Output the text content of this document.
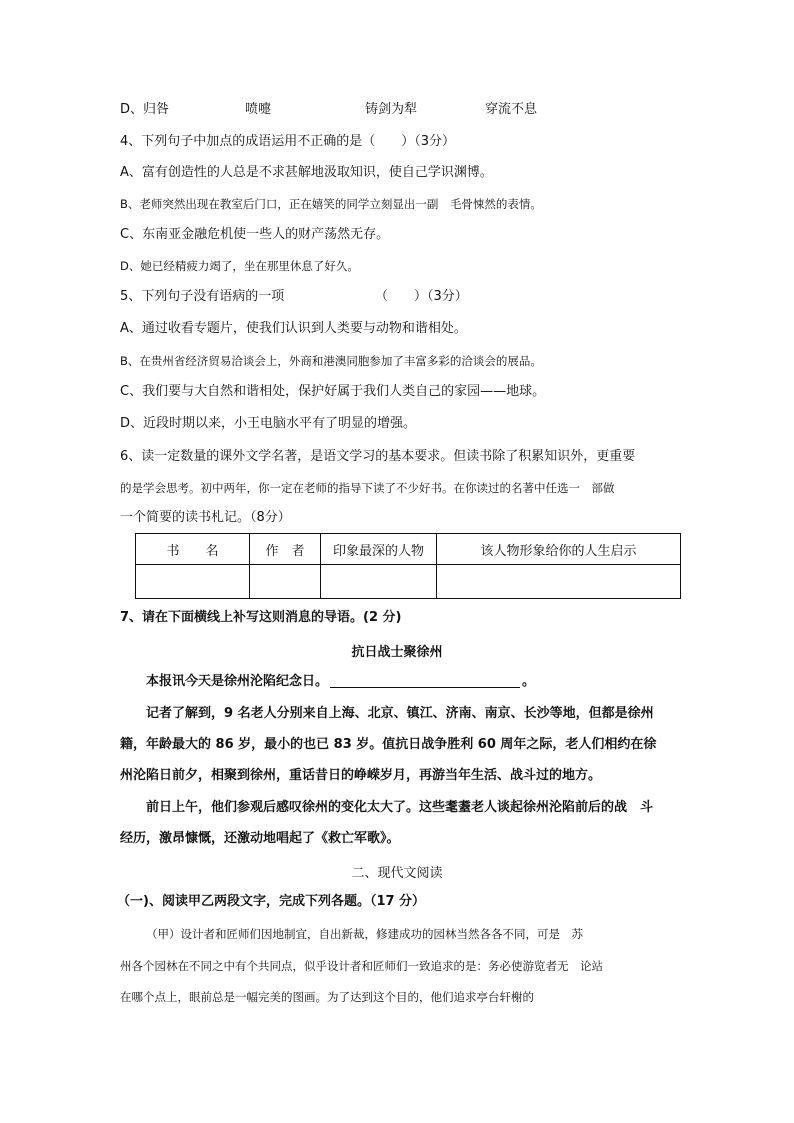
D、归咎	喷嚏	铸剑为犁	穿流不息
4、下列句子中加点的成语运用不正确的是（　　）（3分）
A、富有创造性的人总是不求甚解地汲取知识，使自己学识渊博。
B、老师突然出现在教室后门口，正在嬉笑的同学立刻显出一副　毛骨悚然的表情。
C、东南亚金融危机使一些人的财产荡然无存。
D、她已经精疲力竭了，坐在那里休息了好久。
5、下列句子没有语病的一项	（　　）（3分）
A、通过收看专题片，使我们认识到人类要与动物和谐相处。
B、在贵州省经济贸易洽谈会上，外商和港澳同胞参加了丰富多彩的洽谈会的展品。
C、我们要与大自然和谐相处，保护好属于我们人类自己的家园——地球。
D、近段时期以来，小王电脑水平有了明显的增强。
6、读一定数量的课外文学名著，是语文学习的基本要求。但读书除了积累知识外，更重要
的是学会思考。初中两年，你一定在老师的指导下读了不少好书。在你读过的名著中任选一　部做
一个简要的读书札记。（8分）
书　　名	作　者	印象最深的人物	该人物形象给你的人生启示

7、请在下面横线上补写这则消息的导语。(2 分)
抗日战士聚徐州
本报讯今天是徐州沦陷纪念日。	。
记者了解到，9 名老人分别来自上海、北京、镇江、济南、南京、长沙等地，但都是徐州
籍，年龄最大的 86 岁，最小的也已 83 岁。值抗日战争胜利 60 周年之际，老人们相约在徐
州沦陷日前夕，相聚到徐州，重话昔日的峥嵘岁月，再游当年生活、战斗过的地方。
前日上午，他们参观后感叹徐州的变化太大了。这些耄耋老人谈起徐州沦陷前后的战　斗
经历，激昂慷慨，还激动地唱起了《救亡军歌》。
二、现代文阅读
（一)、阅读甲乙两段文字，完成下列各题。（17 分）
（甲）设计者和匠师们因地制宜，自出新裁，修建成功的园林当然各各不同，可是　苏
州各个园林在不同之中有个共同点，似乎设计者和匠师们一致追求的是：务必使游览者无　论站
在哪个点上，眼前总是一幅完美的图画。为了达到这个目的，他们追求亭台轩榭的
